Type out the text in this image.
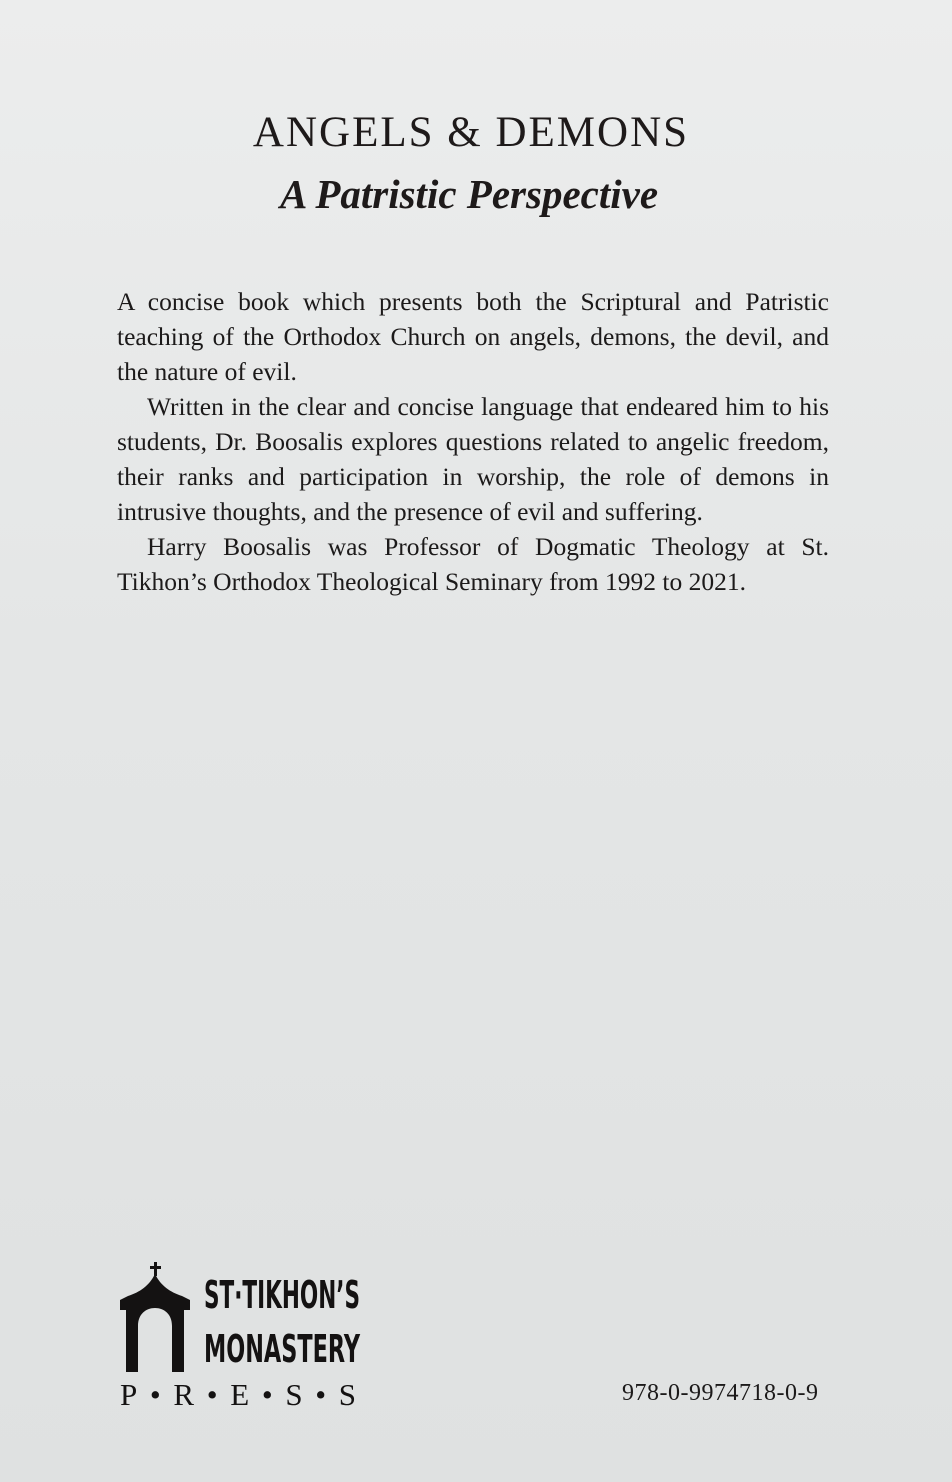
ANGELS & DEMONS
A Patristic Perspective

A concise book which presents both the Scriptural and Patristic teaching of the Orthodox Church on angels, demons, the devil, and the nature of evil.

Written in the clear and concise language that endeared him to his students, Dr. Boosalis explores questions related to angelic freedom, their ranks and participation in worship, the role of demons in intrusive thoughts, and the presence of evil and suffering.

Harry Boosalis was Professor of Dogmatic Theology at St. Tikhon’s Orthodox Theological Seminary from 1992 to 2021.

ST·TIKHON’S
MONASTERY
P•R•E•S•S	978-0-9974718-0-9
